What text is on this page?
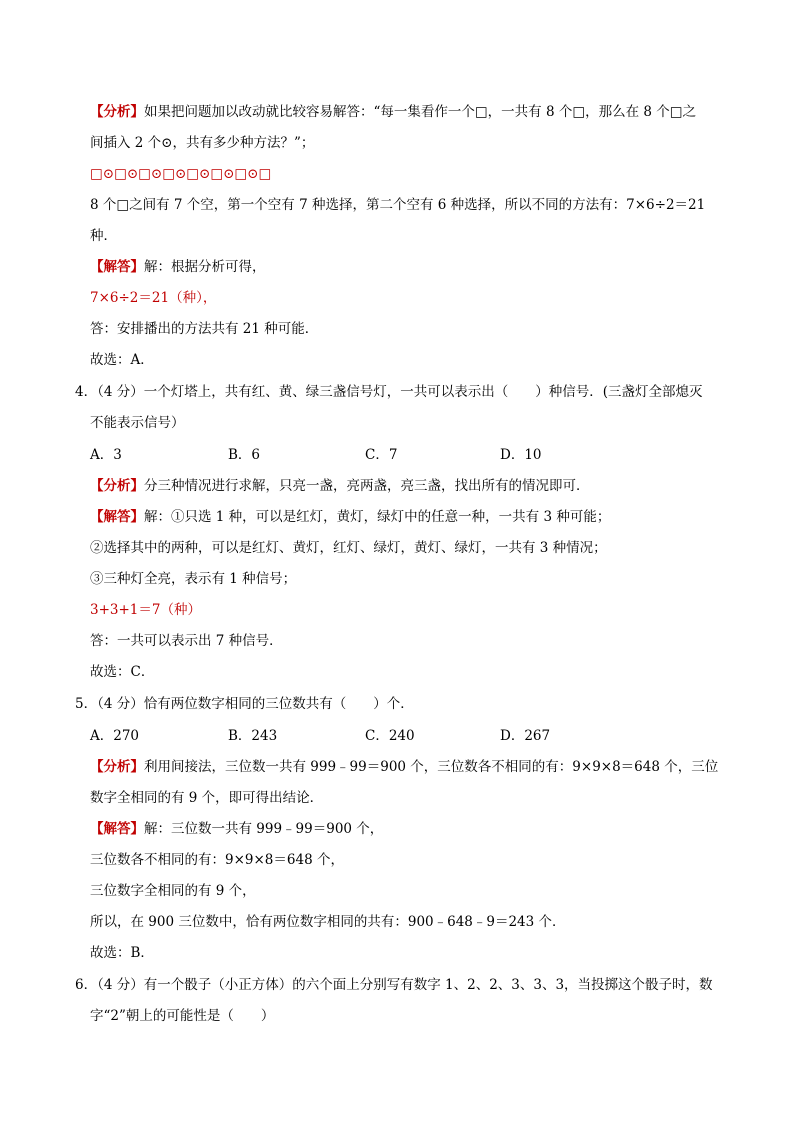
【分析】如果把问题加以改动就比较容易解答：“每一集看作一个□，一共有 8 个□，那么在 8 个□之
间插入 2 个⊙，共有多少种方法？”；
□⊙□⊙□⊙□⊙□⊙□⊙□⊙□
8 个□之间有 7 个空，第一个空有 7 种选择，第二个空有 6 种选择，所以不同的方法有：7×6÷2＝21
种．
【解答】解：根据分析可得，
7×6÷2＝21（种），
答：安排播出的方法共有 21 种可能．
故选：A．
4．（4 分）一个灯塔上，共有红、黄、绿三盏信号灯，一共可以表示出（　　）种信号．(三盏灯全部熄灭
不能表示信号）
A．3	B．6	C．7	D．10
【分析】分三种情况进行求解，只亮一盏，亮两盏，亮三盏，找出所有的情况即可．
【解答】解：①只选 1 种，可以是红灯，黄灯，绿灯中的任意一种，一共有 3 种可能；
②选择其中的两种，可以是红灯、黄灯，红灯、绿灯，黄灯、绿灯，一共有 3 种情况；
③三种灯全亮，表示有 1 种信号；
3+3+1＝7（种）
答：一共可以表示出 7 种信号．
故选：C．
5．（4 分）恰有两位数字相同的三位数共有（　　）个．
A．270	B．243	C．240	D．267
【分析】利用间接法，三位数一共有 999﹣99＝900 个，三位数各不相同的有：9×9×8＝648 个，三位
数字全相同的有 9 个，即可得出结论．
【解答】解：三位数一共有 999﹣99＝900 个，
三位数各不相同的有：9×9×8＝648 个，
三位数字全相同的有 9 个，
所以，在 900 三位数中，恰有两位数字相同的共有：900﹣648﹣9＝243 个．
故选：B．
6．（4 分）有一个骰子（小正方体）的六个面上分别写有数字 1、2、2、3、3、3，当投掷这个骰子时，数
字“2”朝上的可能性是（　　）
